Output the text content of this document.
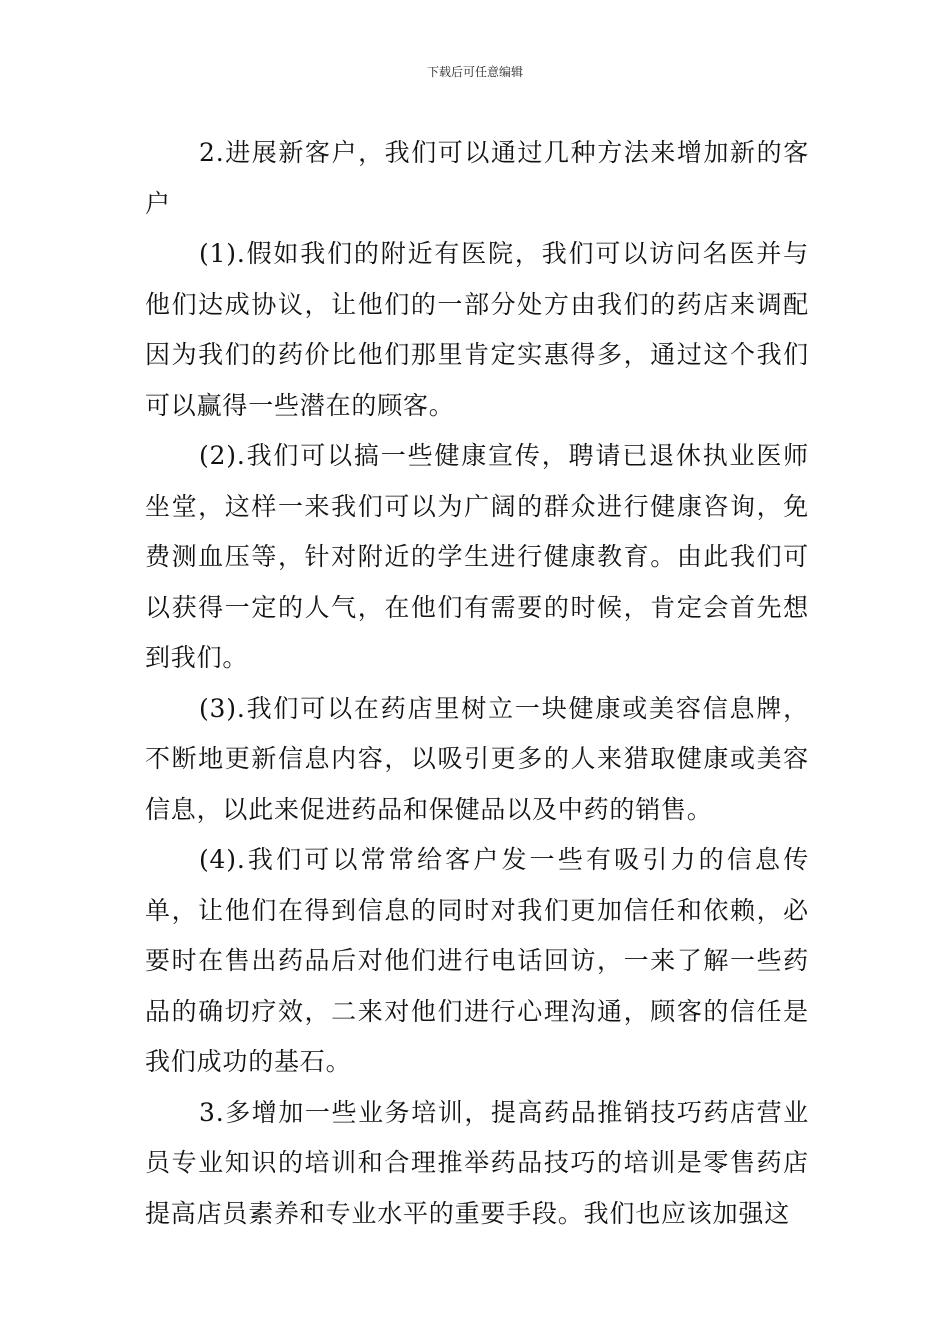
下载后可任意编辑

2.进展新客户，我们可以通过几种方法来增加新的客户

(1).假如我们的附近有医院，我们可以访问名医并与他们达成协议，让他们的一部分处方由我们的药店来调配因为我们的药价比他们那里肯定实惠得多，通过这个我们可以赢得一些潜在的顾客。

(2).我们可以搞一些健康宣传，聘请已退休执业医师坐堂，这样一来我们可以为广阔的群众进行健康咨询，免费测血压等，针对附近的学生进行健康教育。由此我们可以获得一定的人气，在他们有需要的时候，肯定会首先想到我们。

(3).我们可以在药店里树立一块健康或美容信息牌，不断地更新信息内容，以吸引更多的人来猎取健康或美容信息，以此来促进药品和保健品以及中药的销售。

(4).我们可以常常给客户发一些有吸引力的信息传单，让他们在得到信息的同时对我们更加信任和依赖，必要时在售出药品后对他们进行电话回访，一来了解一些药品的确切疗效，二来对他们进行心理沟通，顾客的信任是我们成功的基石。

3.多增加一些业务培训，提高药品推销技巧药店营业员专业知识的培训和合理推举药品技巧的培训是零售药店提高店员素养和专业水平的重要手段。我们也应该加强这
